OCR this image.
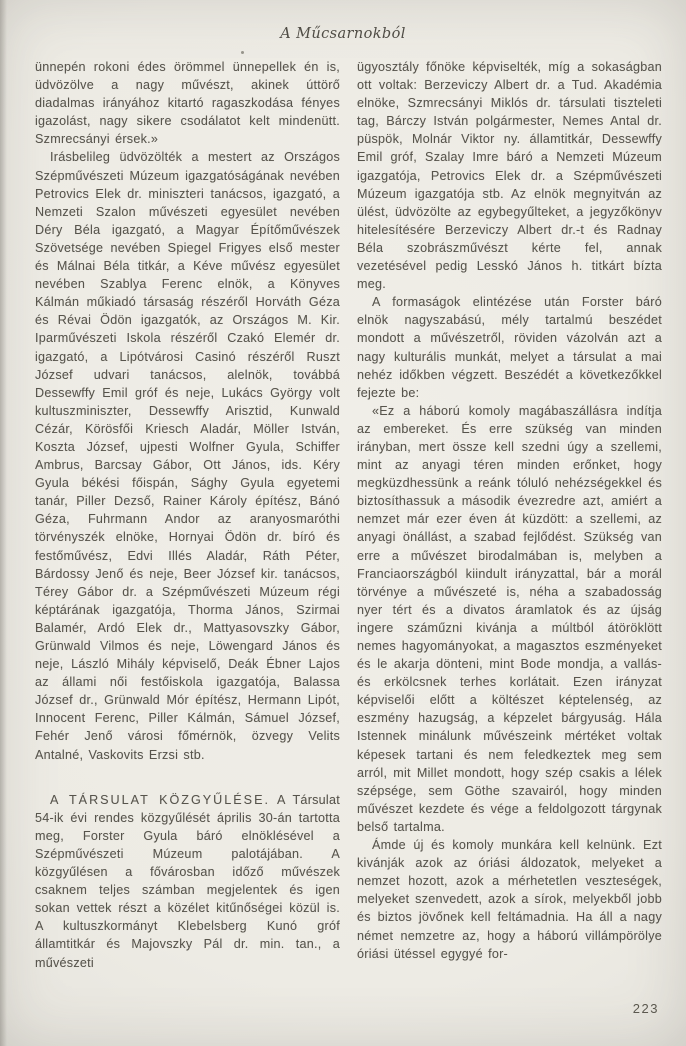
A Műcsarnokból

ünnepén rokoni édes örömmel ünnepellek én is, üdvözölve a nagy művészt, akinek úttörő diadalmas irányához kitartó ragaszkodása fényes igazolást, nagy sikere csodálatot kelt mindenütt. Szmrecsányi érsek.»

Irásbelileg üdvözölték a mestert az Országos Szépművészeti Múzeum igazgatóságának nevében Petrovics Elek dr. miniszteri tanácsos, igazgató, a Nemzeti Szalon művészeti egyesület nevében Déry Béla igazgató, a Magyar Építőművészek Szövetsége nevében Spiegel Frigyes első mester és Málnai Béla titkár, a Kéve művész egyesület nevében Szablya Ferenc elnök, a Könyves Kálmán műkiadó társaság részéről Horváth Géza és Révai Ödön igazgatók, az Országos M. Kir. Iparművészeti Iskola részéről Czakó Elemér dr. igazgató, a Lipótvárosi Casinó részéről Ruszt József udvari tanácsos, alelnök, továbbá Dessewffy Emil gróf és neje, Lukács György volt kultuszminiszter, Dessewffy Arisztid, Kunwald Cézár, Körösfői Kriesch Aladár, Möller István, Koszta József, ujpesti Wolfner Gyula, Schiffer Ambrus, Barcsay Gábor, Ott János, ids. Kéry Gyula békési főispán, Sághy Gyula egyetemi tanár, Piller Dezső, Rainer Károly építész, Bánó Géza, Fuhrmann Andor az aranyosmaróthi törvényszék elnöke, Hornyai Ödön dr. bíró és festőművész, Edvi Illés Aladár, Ráth Péter, Bárdossy Jenő és neje, Beer József kir. tanácsos, Térey Gábor dr. a Szépművészeti Múzeum régi képtárának igazgatója, Thorma János, Szirmai Balamér, Ardó Elek dr., Mattyasovszky Gábor, Grünwald Vilmos és neje, Löwengard János és neje, László Mihály képviselő, Deák Ébner Lajos az állami női festőiskola igazgatója, Balassa József dr., Grünwald Mór építész, Hermann Lipót, Innocent Ferenc, Piller Kálmán, Sámuel József, Fehér Jenő városi főmérnök, özvegy Velits Antalné, Vaskovits Erzsi stb.

A TÁRSULAT KÖZGYŰLÉSE. A Társulat 54-ik évi rendes közgyűlését április 30-án tartotta meg, Forster Gyula báró elnöklésével a Szépművészeti Múzeum palotájában. A közgyűlésen a fővárosban időző művészek csaknem teljes számban megjelentek és igen sokan vettek részt a közélet kitűnőségei közül is. A kultuszkormányt Klebelsberg Kunó gróf államtitkár és Majovszky Pál dr. min. tan., a művészeti

ügyosztály főnöke képviselték, míg a sokaságban ott voltak: Berzeviczy Albert dr. a Tud. Akadémia elnöke, Szmrecsányi Miklós dr. társulati tiszteleti tag, Bárczy István polgármester, Nemes Antal dr. püspök, Molnár Viktor ny. államtitkár, Dessewffy Emil gróf, Szalay Imre báró a Nemzeti Múzeum igazgatója, Petrovics Elek dr. a Szépművészeti Múzeum igazgatója stb. Az elnök megnyitván az ülést, üdvözölte az egybegyűlteket, a jegyzőkönyv hitelesítésére Berzeviczy Albert dr.-t és Radnay Béla szobrászművészt kérte fel, annak vezetésével pedig Lesskó János h. titkárt bízta meg.

A formaságok elintézése után Forster báró elnök nagyszabású, mély tartalmú beszédet mondott a művészetről, röviden vázolván azt a nagy kulturális munkát, melyet a társulat a mai nehéz időkben végzett. Beszédét a következőkkel fejezte be:

«Ez a háború komoly magábaszállásra indítja az embereket. És erre szükség van minden irányban, mert össze kell szedni úgy a szellemi, mint az anyagi téren minden erőnket, hogy megküzdhessünk a reánk tóluló nehézségekkel és biztosíthassuk a második évezredre azt, amiért a nemzet már ezer éven át küzdött: a szellemi, az anyagi önállást, a szabad fejlődést. Szükség van erre a művészet birodalmában is, melyben a Franciaországból kiindult irányzattal, bár a morál törvénye a művészeté is, néha a szabadosság nyer tért és a divatos áramlatok és az újság ingere száműzni kivánja a múltból átöröklött nemes hagyományokat, a magasztos eszményeket és le akarja dönteni, mint Bode mondja, a vallás- és erkölcsnek terhes korlátait. Ezen irányzat képviselői előtt a költészet képtelenség, az eszmény hazugság, a képzelet bárgyuság. Hála Istennek minálunk művészeink mértéket voltak képesek tartani és nem feledkeztek meg sem arról, mit Millet mondott, hogy szép csakis a lélek szépsége, sem Göthe szavairól, hogy minden művészet kezdete és vége a feldolgozott tárgynak belső tartalma.

Ámde új és komoly munkára kell kelnünk. Ezt kivánják azok az óriási áldozatok, melyeket a nemzet hozott, azok a mérhetetlen veszteségek, melyeket szenvedett, azok a sírok, melyekből jobb és biztos jövőnek kell feltámadnia. Ha áll a nagy német nemzetre az, hogy a háború villámpörölye óriási ütéssel egygyé for-

223
